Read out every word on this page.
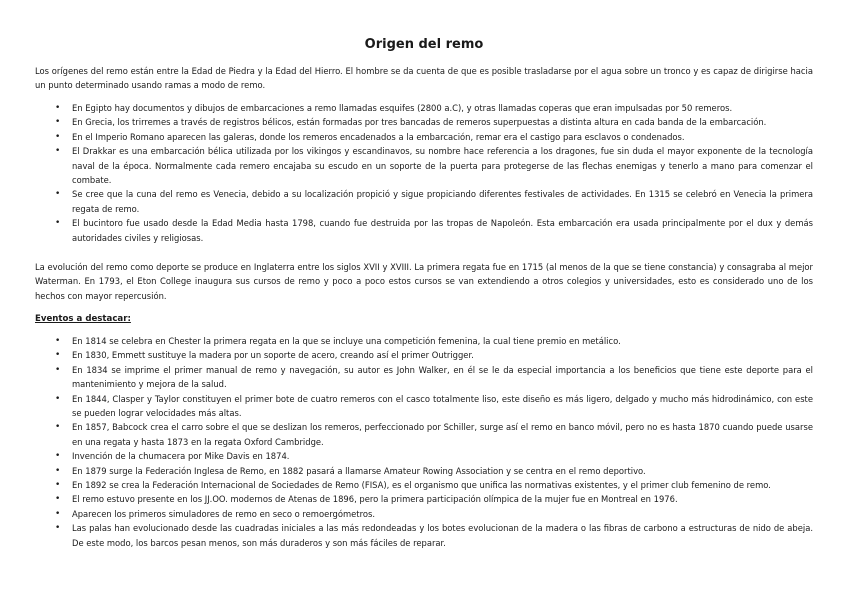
Origen del remo

Los orígenes del remo están entre la Edad de Piedra y la Edad del Hierro. El hombre se da cuenta de que es posible trasladarse por el agua sobre un tronco y es capaz de dirigirse hacia un punto determinado usando ramas a modo de remo.

• En Egipto hay documentos y dibujos de embarcaciones a remo llamadas esquifes (2800 a.C), y otras llamadas coperas que eran impulsadas por 50 remeros.
• En Grecia, los trirremes a través de registros bélicos, están formadas por tres bancadas de remeros superpuestas a distinta altura en cada banda de la embarcación.
• En el Imperio Romano aparecen las galeras, donde los remeros encadenados a la embarcación, remar era el castigo para esclavos o condenados.
• El Drakkar es una embarcación bélica utilizada por los vikingos y escandinavos, su nombre hace referencia a los dragones, fue sin duda el mayor exponente de la tecnología naval de la época. Normalmente cada remero encajaba su escudo en un soporte de la puerta para protegerse de las flechas enemigas y tenerlo a mano para comenzar el combate.
• Se cree que la cuna del remo es Venecia, debido a su localización propició y sigue propiciando diferentes festivales de actividades. En 1315 se celebró en Venecia la primera regata de remo.
• El bucintoro fue usado desde la Edad Media hasta 1798, cuando fue destruida por las tropas de Napoleón. Esta embarcación era usada principalmente por el dux y demás autoridades civiles y religiosas.

La evolución del remo como deporte se produce en Inglaterra entre los siglos XVII y XVIII. La primera regata fue en 1715 (al menos de la que se tiene constancia) y consagraba al mejor Waterman. En 1793, el Eton College inaugura sus cursos de remo y poco a poco estos cursos se van extendiendo a otros colegios y universidades, esto es considerado uno de los hechos con mayor repercusión.

Eventos a destacar:
• En 1814 se celebra en Chester la primera regata en la que se incluye una competición femenina, la cual tiene premio en metálico.
• En 1830, Emmett sustituye la madera por un soporte de acero, creando así el primer Outrigger.
• En 1834 se imprime el primer manual de remo y navegación, su autor es John Walker, en él se le da especial importancia a los beneficios que tiene este deporte para el mantenimiento y mejora de la salud.
• En 1844, Clasper y Taylor constituyen el primer bote de cuatro remeros con el casco totalmente liso, este diseño es más ligero, delgado y mucho más hidrodinámico, con este se pueden lograr velocidades más altas.
• En 1857, Babcock crea el carro sobre el que se deslizan los remeros, perfeccionado por Schiller, surge así el remo en banco móvil, pero no es hasta 1870 cuando puede usarse en una regata y hasta 1873 en la regata Oxford Cambridge.
• Invención de la chumacera por Mike Davis en 1874.
• En 1879 surge la Federación Inglesa de Remo, en 1882 pasará a llamarse Amateur Rowing Association y se centra en el remo deportivo.
• En 1892 se crea la Federación Internacional de Sociedades de Remo (FISA), es el organismo que unifica las normativas existentes, y el primer club femenino de remo.
• El remo estuvo presente en los JJ.OO. modernos de Atenas de 1896, pero la primera participación olímpica de la mujer fue en Montreal en 1976.
• Aparecen los primeros simuladores de remo en seco o remoergómetros.
• Las palas han evolucionado desde las cuadradas iniciales a las más redondeadas y los botes evolucionan de la madera o las fibras de carbono a estructuras de nido de abeja. De este modo, los barcos pesan menos, son más duraderos y son más fáciles de reparar.
